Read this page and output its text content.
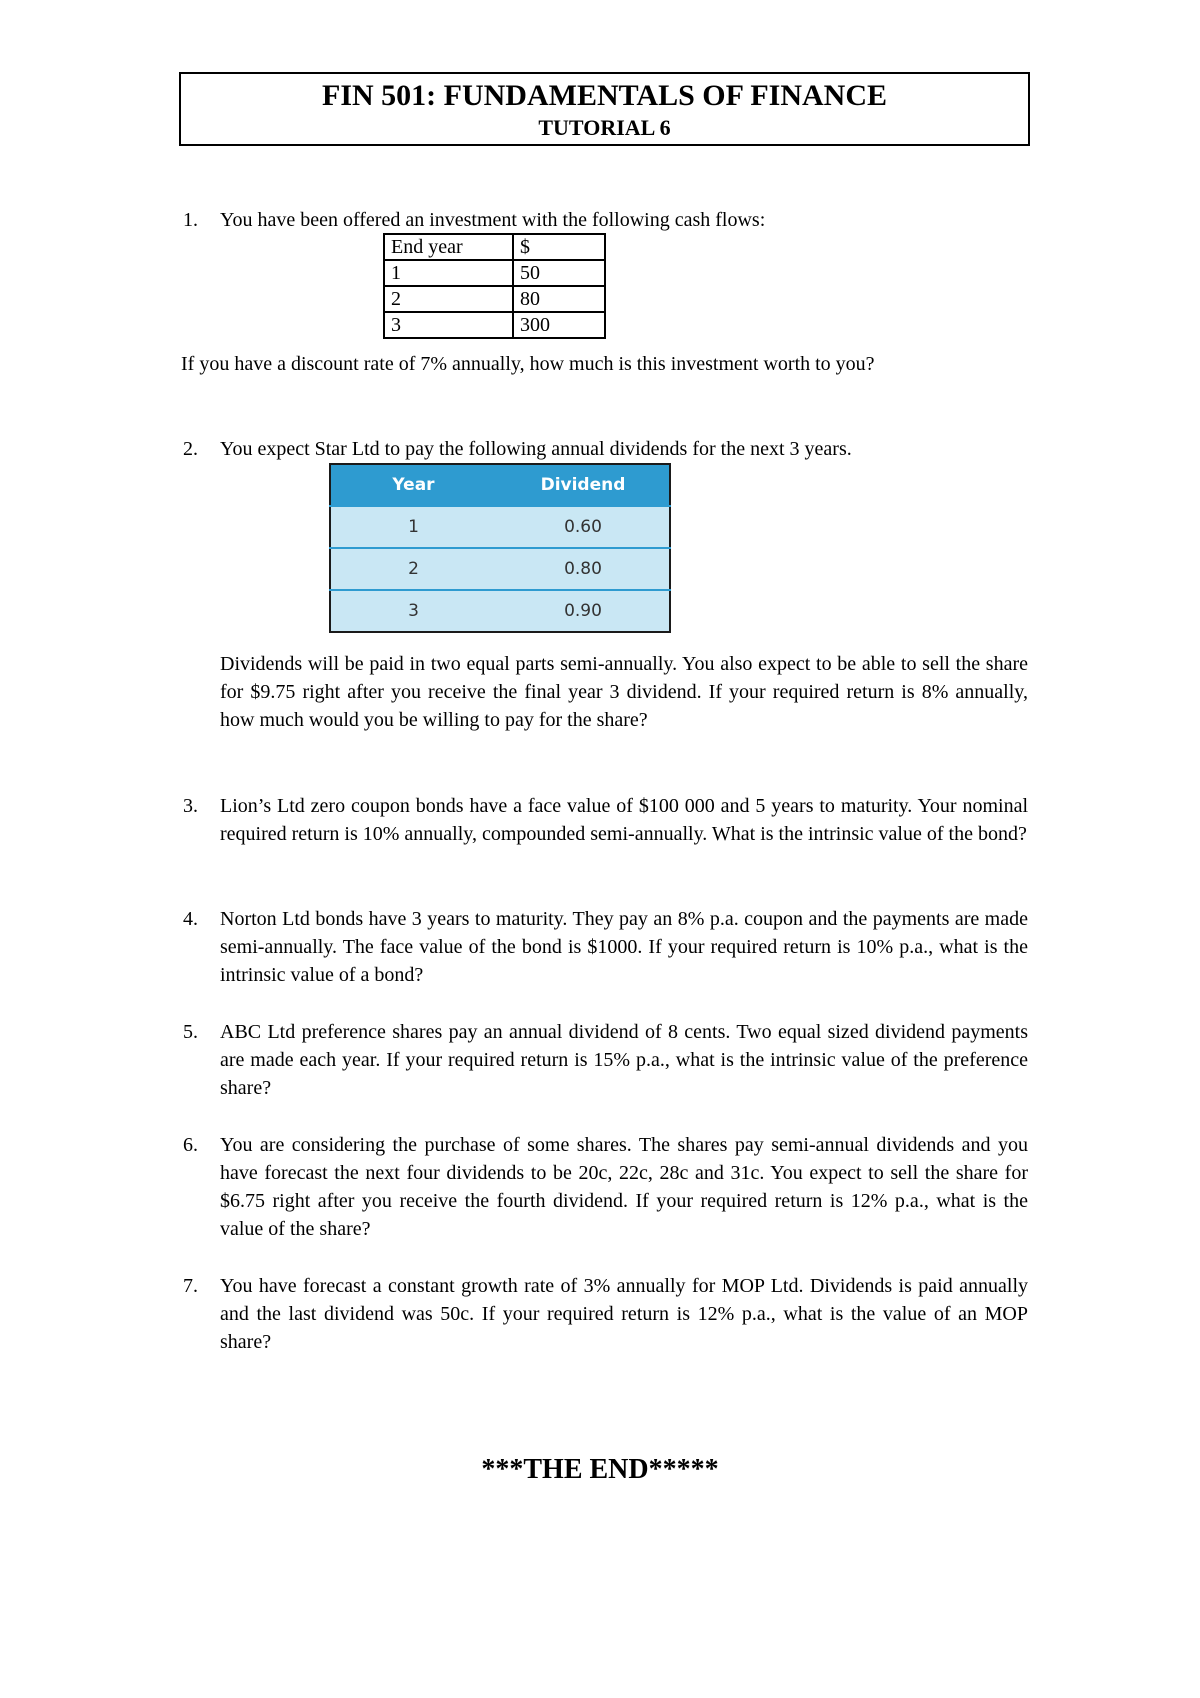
FIN 501: FUNDAMENTALS OF FINANCE
TUTORIAL 6
1. You have been offered an investment with the following cash flows:
End year	$
1	50
2	80
3	300
If you have a discount rate of 7% annually, how much is this investment worth to you?
2. You expect Star Ltd to pay the following annual dividends for the next 3 years.
Year	Dividend
1	0.60
2	0.80
3	0.90
Dividends will be paid in two equal parts semi-annually. You also expect to be able to sell the share for $9.75 right after you receive the final year 3 dividend. If your required return is 8% annually, how much would you be willing to pay for the share?
3. Lion’s Ltd zero coupon bonds have a face value of $100 000 and 5 years to maturity. Your nominal required return is 10% annually, compounded semi-annually. What is the intrinsic value of the bond?
4. Norton Ltd bonds have 3 years to maturity. They pay an 8% p.a. coupon and the payments are made semi-annually. The face value of the bond is $1000. If your required return is 10% p.a., what is the intrinsic value of a bond?
5. ABC Ltd preference shares pay an annual dividend of 8 cents. Two equal sized dividend payments are made each year. If your required return is 15% p.a., what is the intrinsic value of the preference share?
6. You are considering the purchase of some shares. The shares pay semi-annual dividends and you have forecast the next four dividends to be 20c, 22c, 28c and 31c. You expect to sell the share for $6.75 right after you receive the fourth dividend. If your required return is 12% p.a., what is the value of the share?
7. You have forecast a constant growth rate of 3% annually for MOP Ltd. Dividends is paid annually and the last dividend was 50c. If your required return is 12% p.a., what is the value of an MOP share?
***THE END*****
